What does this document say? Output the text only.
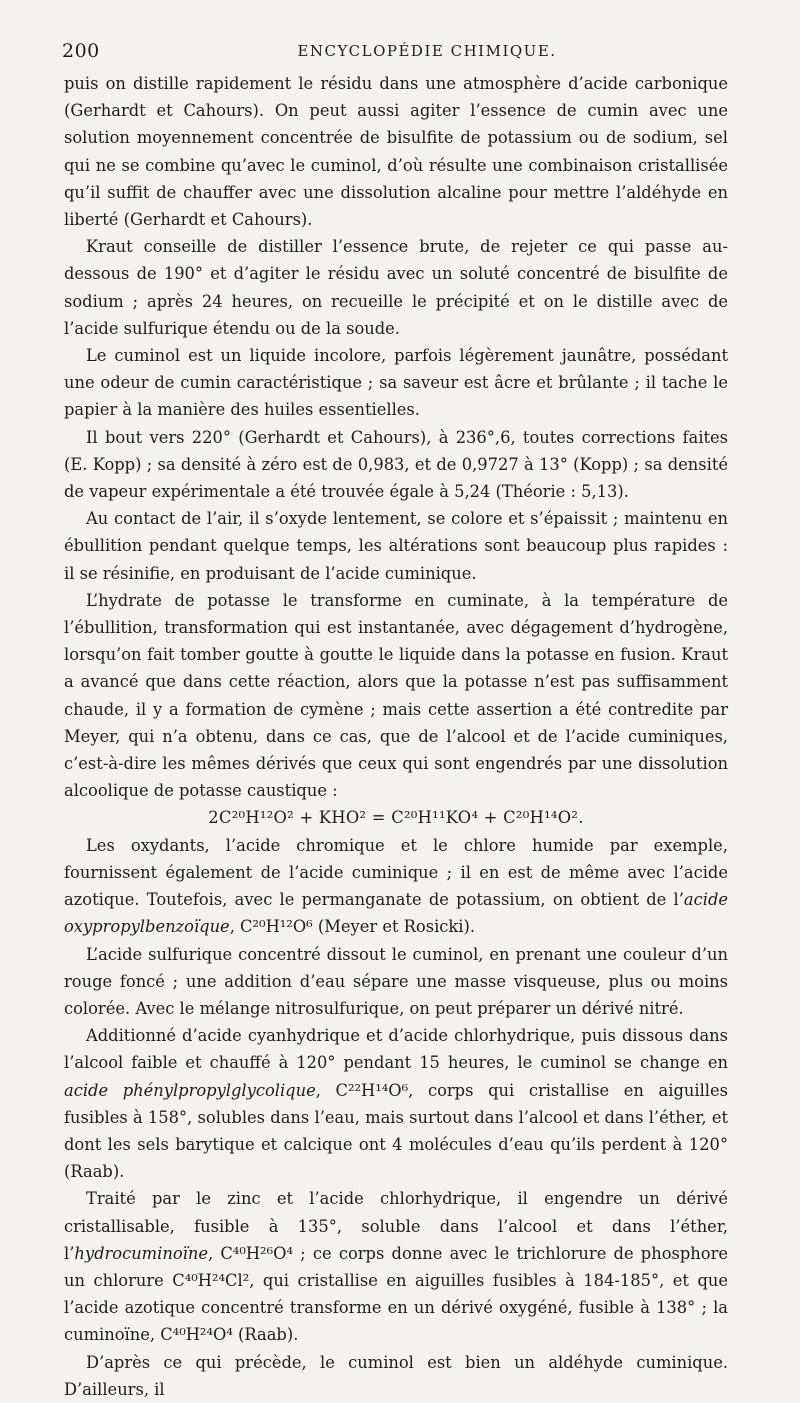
200	ENCYCLOPÉDIE CHIMIQUE.

puis on distille rapidement le résidu dans une atmosphère d’acide carbonique (Gerhardt et Cahours). On peut aussi agiter l’essence de cumin avec une solution moyennement concentrée de bisulfite de potassium ou de sodium, sel qui ne se combine qu’avec le cuminol, d’où résulte une combinaison cristallisée qu’il suffit de chauffer avec une dissolution alcaline pour mettre l’aldéhyde en liberté (Gerhardt et Cahours).

Kraut conseille de distiller l’essence brute, de rejeter ce qui passe au-dessous de 190° et d’agiter le résidu avec un soluté concentré de bisulfite de sodium ; après 24 heures, on recueille le précipité et on le distille avec de l’acide sulfurique étendu ou de la soude.

Le cuminol est un liquide incolore, parfois légèrement jaunâtre, possédant une odeur de cumin caractéristique ; sa saveur est âcre et brûlante ; il tache le papier à la manière des huiles essentielles.

Il bout vers 220° (Gerhardt et Cahours), à 236°,6, toutes corrections faites (E. Kopp) ; sa densité à zéro est de 0,983, et de 0,9727 à 13° (Kopp) ; sa densité de vapeur expérimentale a été trouvée égale à 5,24 (Théorie : 5,13).

Au contact de l’air, il s’oxyde lentement, se colore et s’épaissit ; maintenu en ébullition pendant quelque temps, les altérations sont beaucoup plus rapides : il se résinifie, en produisant de l’acide cuminique.

L’hydrate de potasse le transforme en cuminate, à la température de l’ébullition, transformation qui est instantanée, avec dégagement d’hydrogène, lorsqu’on fait tomber goutte à goutte le liquide dans la potasse en fusion. Kraut a avancé que dans cette réaction, alors que la potasse n’est pas suffisamment chaude, il y a formation de cymène ; mais cette assertion a été contredite par Meyer, qui n’a obtenu, dans ce cas, que de l’alcool et de l’acide cuminiques, c’est-à-dire les mêmes dérivés que ceux qui sont engendrés par une dissolution alcoolique de potasse caustique :

2C²⁰H¹²O² + KHO² = C²⁰H¹¹KO⁴ + C²⁰H¹⁴O².

Les oxydants, l’acide chromique et le chlore humide par exemple, fournissent également de l’acide cuminique ; il en est de même avec l’acide azotique. Toutefois, avec le permanganate de potassium, on obtient de l’acide oxypropylbenzoïque, C²⁰H¹²O⁶ (Meyer et Rosicki).

L’acide sulfurique concentré dissout le cuminol, en prenant une couleur d’un rouge foncé ; une addition d’eau sépare une masse visqueuse, plus ou moins colorée. Avec le mélange nitrosulfurique, on peut préparer un dérivé nitré.

Additionné d’acide cyanhydrique et d’acide chlorhydrique, puis dissous dans l’alcool faible et chauffé à 120° pendant 15 heures, le cuminol se change en acide phénylpropylglycolique, C²²H¹⁴O⁶, corps qui cristallise en aiguilles fusibles à 158°, solubles dans l’eau, mais surtout dans l’alcool et dans l’éther, et dont les sels barytique et calcique ont 4 molécules d’eau qu’ils perdent à 120° (Raab).

Traité par le zinc et l’acide chlorhydrique, il engendre un dérivé cristallisable, fusible à 135°, soluble dans l’alcool et dans l’éther, l’hydrocuminoïne, C⁴⁰H²⁶O⁴ ; ce corps donne avec le trichlorure de phosphore un chlorure C⁴⁰H²⁴Cl², qui cristallise en aiguilles fusibles à 184-185°, et que l’acide azotique concentré transforme en un dérivé oxygéné, fusible à 138° ; la cuminoïne, C⁴⁰H²⁴O⁴ (Raab).

D’après ce qui précède, le cuminol est bien un aldéhyde cuminique. D’ailleurs, il
